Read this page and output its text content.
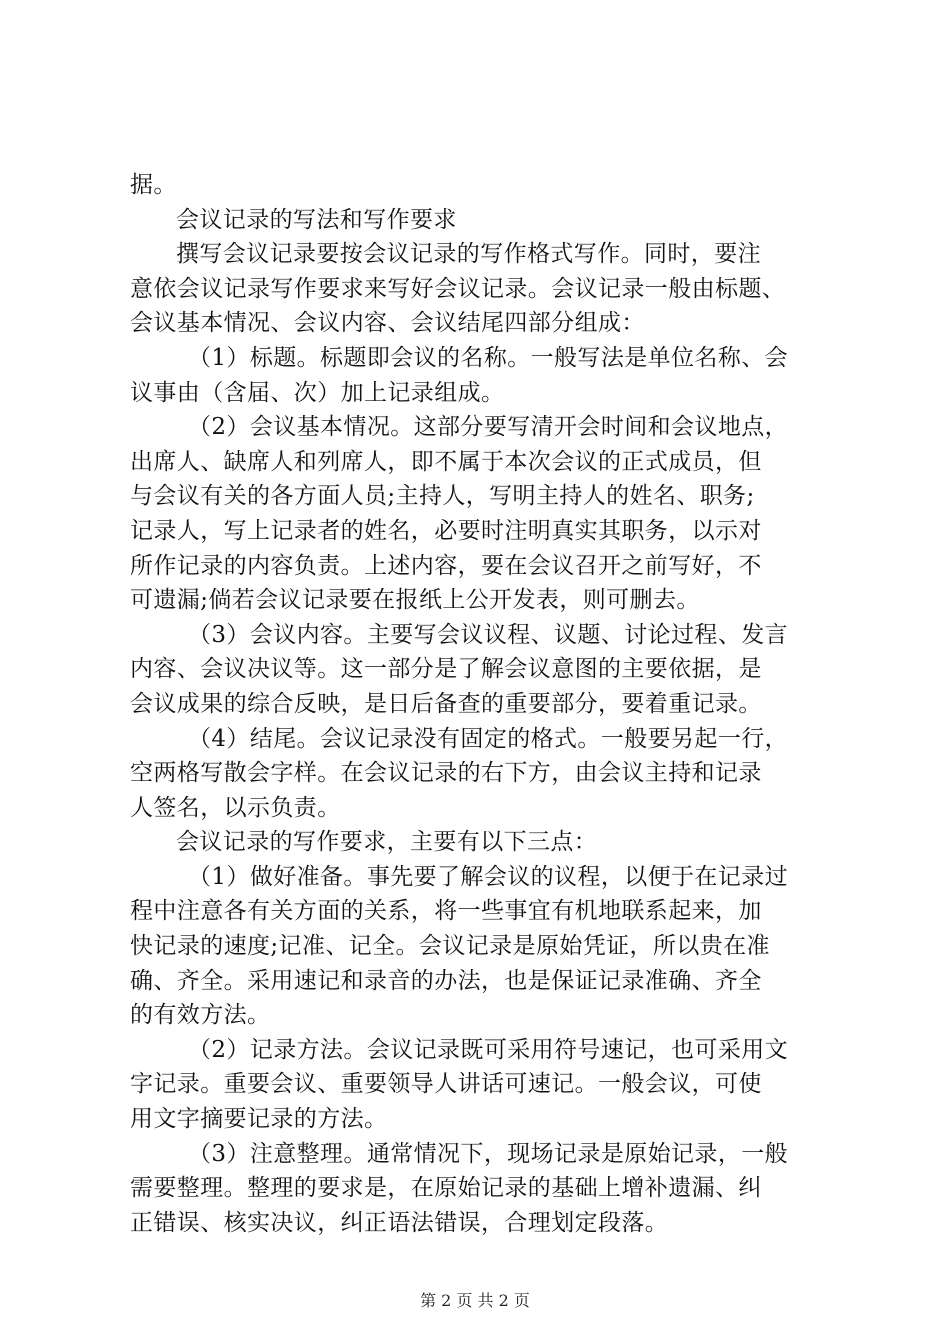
据。
会议记录的写法和写作要求
撰写会议记录要按会议记录的写作格式写作。同时，要注
意依会议记录写作要求来写好会议记录。会议记录一般由标题、
会议基本情况、会议内容、会议结尾四部分组成：
（1）标题。标题即会议的名称。一般写法是单位名称、会
议事由（含届、次）加上记录组成。
（2）会议基本情况。这部分要写清开会时间和会议地点，
出席人、缺席人和列席人，即不属于本次会议的正式成员，但
与会议有关的各方面人员;主持人，写明主持人的姓名、职务;
记录人，写上记录者的姓名，必要时注明真实其职务，以示对
所作记录的内容负责。上述内容，要在会议召开之前写好，不
可遗漏;倘若会议记录要在报纸上公开发表，则可删去。
（3）会议内容。主要写会议议程、议题、讨论过程、发言
内容、会议决议等。这一部分是了解会议意图的主要依据，是
会议成果的综合反映，是日后备查的重要部分，要着重记录。
（4）结尾。会议记录没有固定的格式。一般要另起一行，
空两格写散会字样。在会议记录的右下方，由会议主持和记录
人签名，以示负责。
会议记录的写作要求，主要有以下三点：
（1）做好准备。事先要了解会议的议程，以便于在记录过
程中注意各有关方面的关系，将一些事宜有机地联系起来，加
快记录的速度;记准、记全。会议记录是原始凭证，所以贵在准
确、齐全。采用速记和录音的办法，也是保证记录准确、齐全
的有效方法。
（2）记录方法。会议记录既可采用符号速记，也可采用文
字记录。重要会议、重要领导人讲话可速记。一般会议，可使
用文字摘要记录的方法。
（3）注意整理。通常情况下，现场记录是原始记录，一般
需要整理。整理的要求是，在原始记录的基础上增补遗漏、纠
正错误、核实决议，纠正语法错误，合理划定段落。
第 2 页 共 2 页
